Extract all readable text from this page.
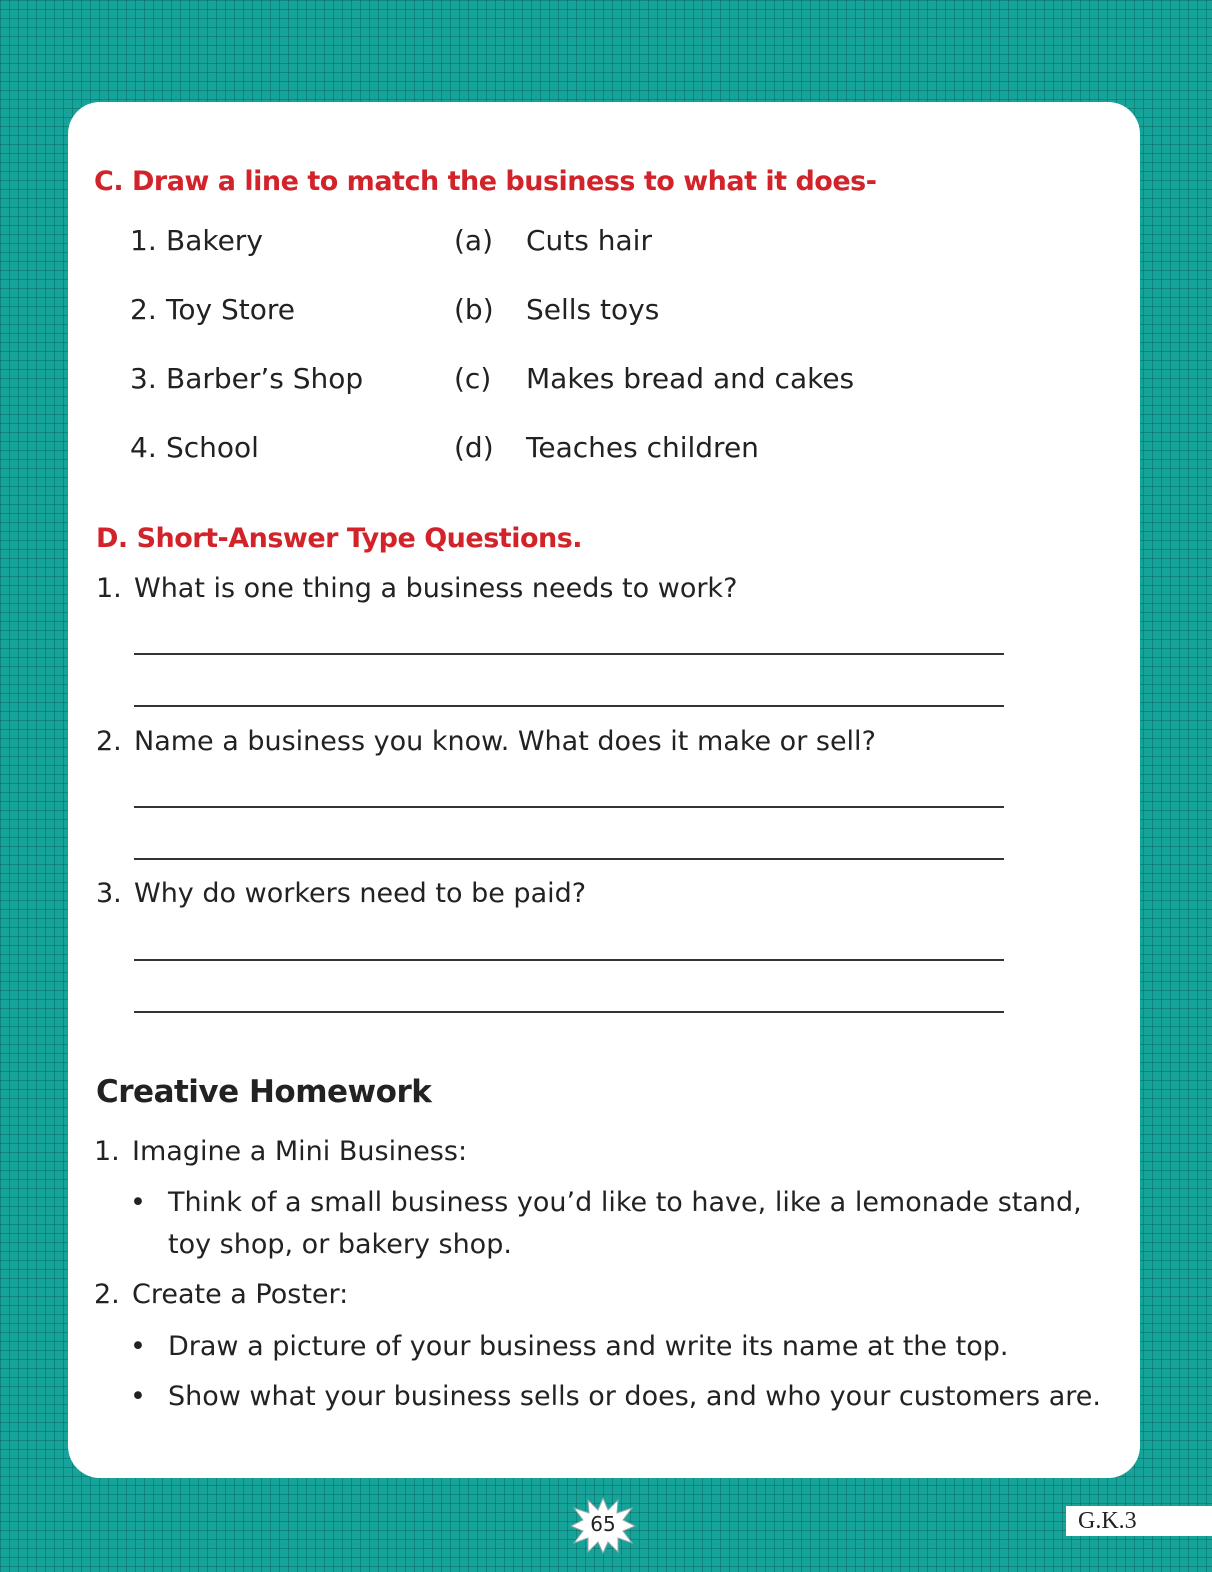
C. Draw a line to match the business to what it does-
1. Bakery	(a) Cuts hair
2. Toy Store	(b) Sells toys
3. Barber’s Shop	(c) Makes bread and cakes
4. School	(d) Teaches children
D. Short-Answer Type Questions.
1. What is one thing a business needs to work?
2. Name a business you know. What does it make or sell?
3. Why do workers need to be paid?
Creative Homework
1. Imagine a Mini Business:
• Think of a small business you’d like to have, like a lemonade stand, toy shop, or bakery shop.
2. Create a Poster:
• Draw a picture of your business and write its name at the top.
• Show what your business sells or does, and who your customers are.
65	G.K.3
